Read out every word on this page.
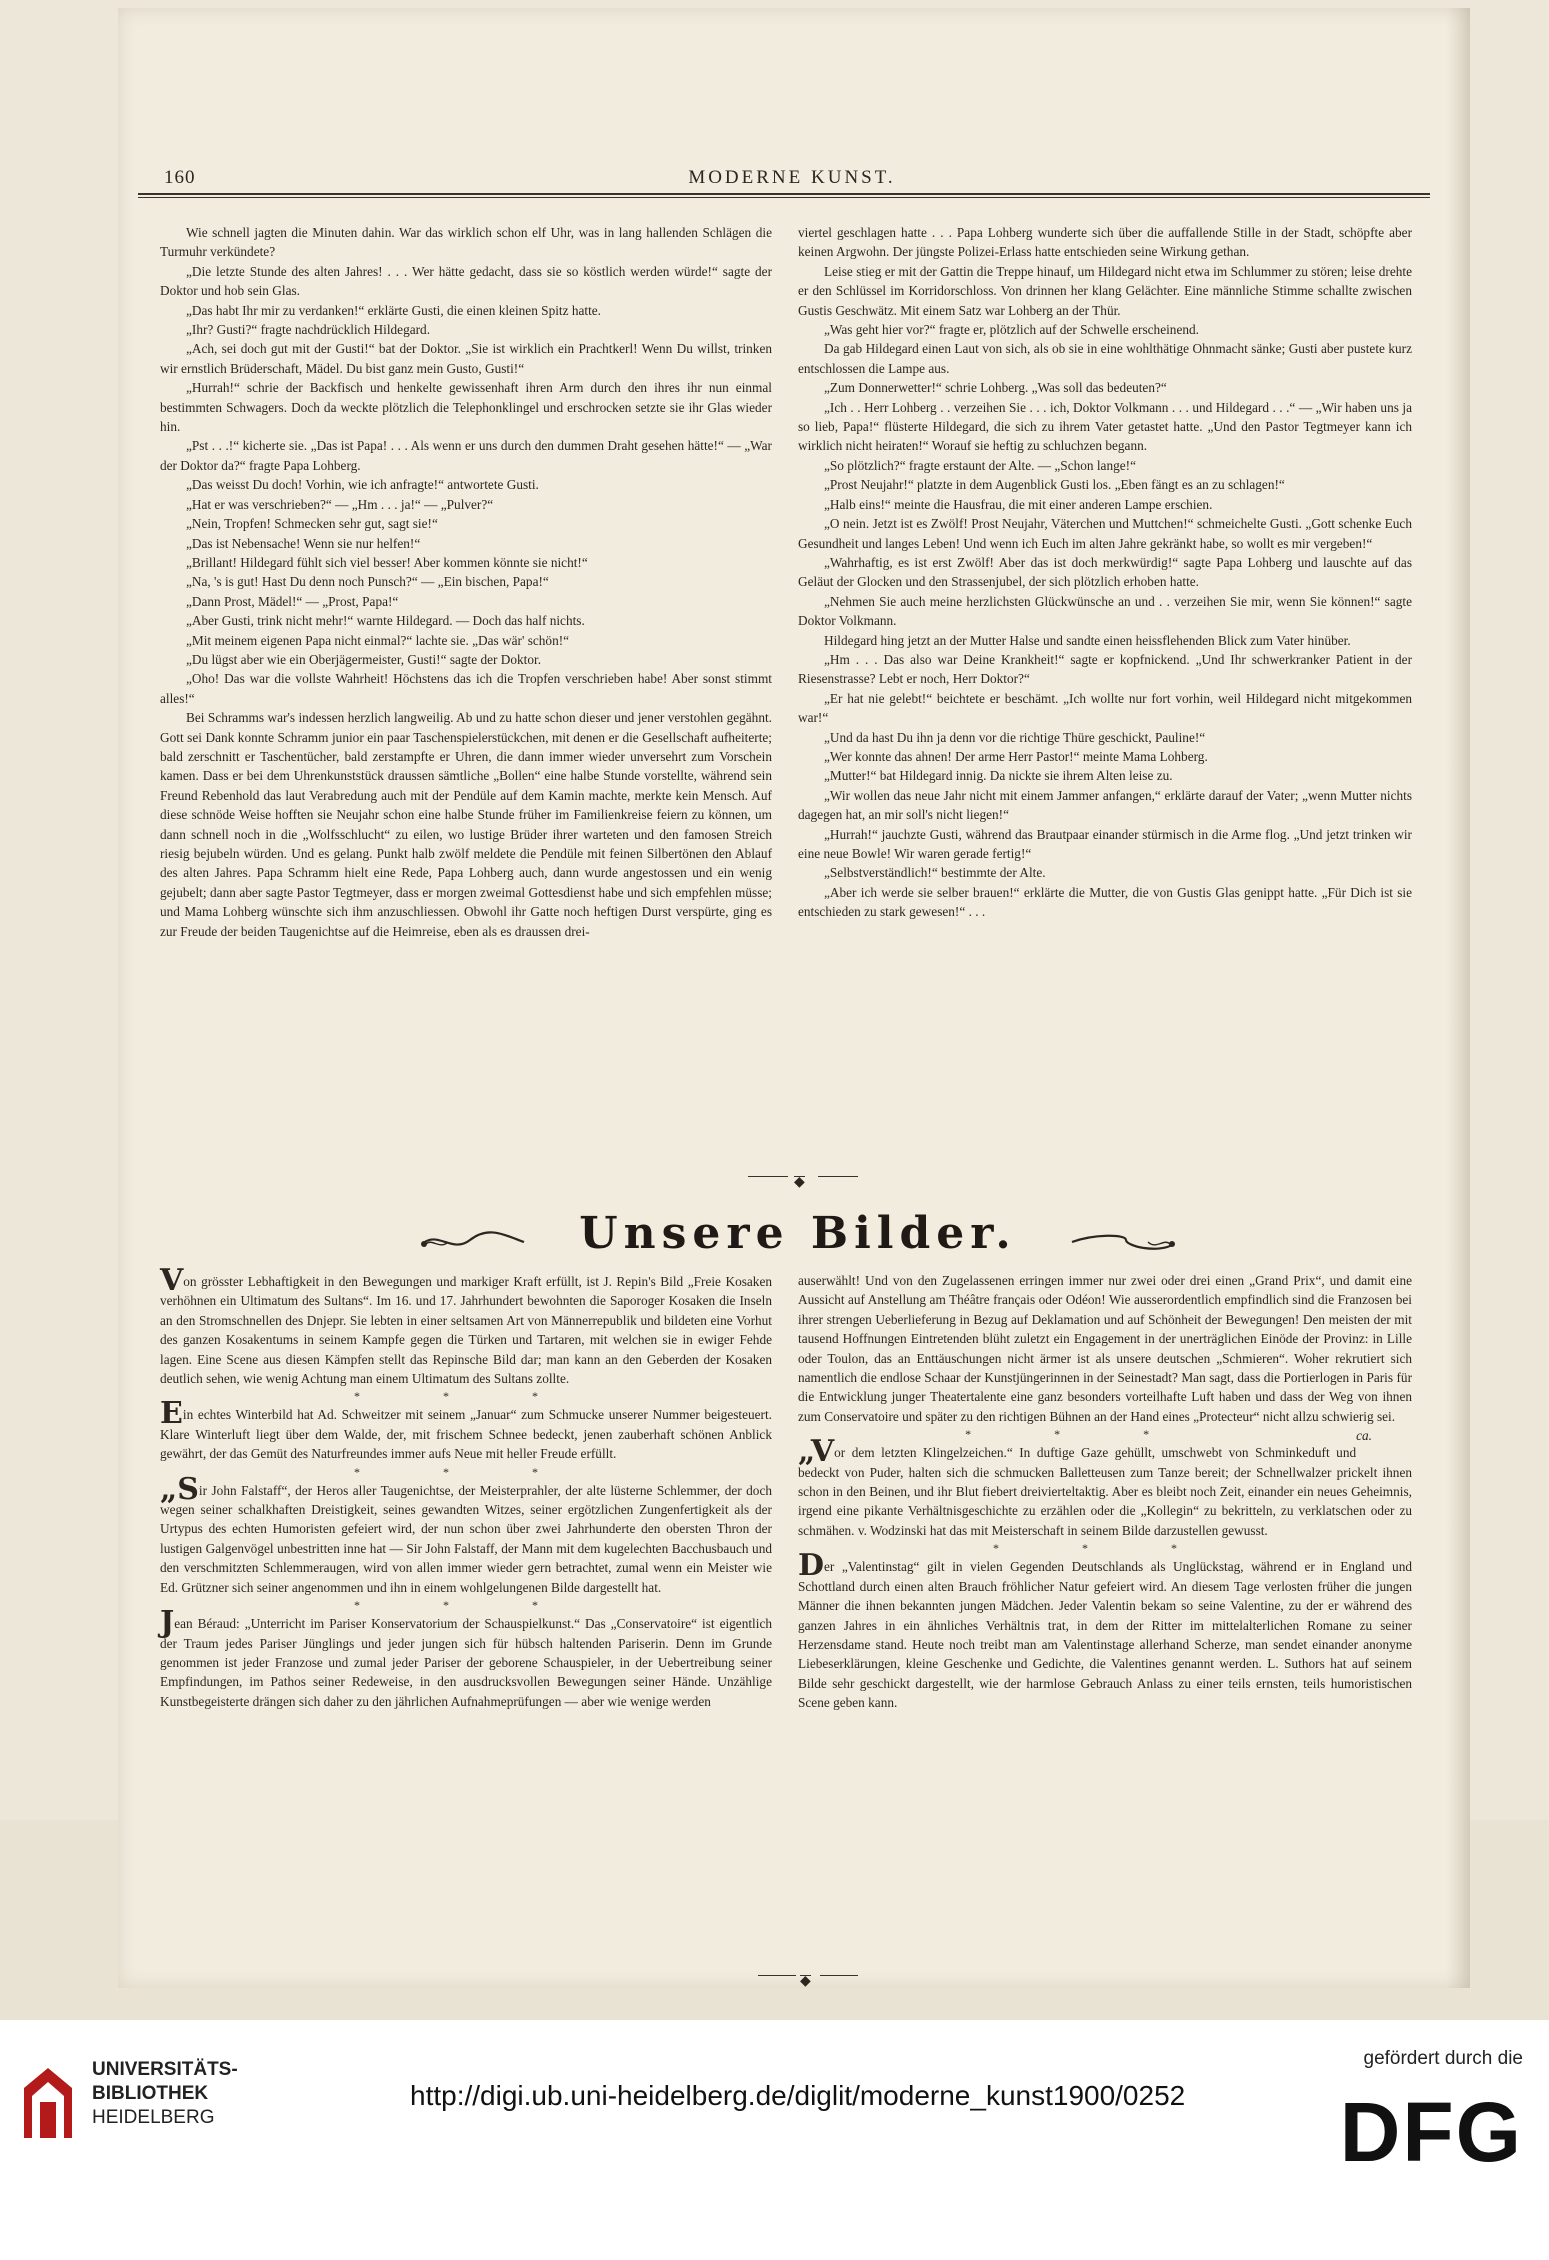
160	MODERNE KUNST.

Wie schnell jagten die Minuten dahin. War das wirklich schon elf Uhr, was in lang hallenden Schlägen die Turmuhr verkündete?

„Die letzte Stunde des alten Jahres! . . . Wer hätte gedacht, dass sie so köstlich werden würde!“ sagte der Doktor und hob sein Glas.

„Das habt Ihr mir zu verdanken!“ erklärte Gusti, die einen kleinen Spitz hatte.

„Ihr? Gusti?“ fragte nachdrücklich Hildegard.

„Ach, sei doch gut mit der Gusti!“ bat der Doktor. „Sie ist wirklich ein Prachtkerl! Wenn Du willst, trinken wir ernstlich Brüderschaft, Mädel. Du bist ganz mein Gusto, Gusti!“

„Hurrah!“ schrie der Backfisch und henkelte gewissenhaft ihren Arm durch den ihres ihr nun einmal bestimmten Schwagers. Doch da weckte plötzlich die Telephonklingel und erschrocken setzte sie ihr Glas wieder hin.

„Pst . . .!“ kicherte sie. „Das ist Papa! . . . Als wenn er uns durch den dummen Draht gesehen hätte!“ — „War der Doktor da?“ fragte Papa Lohberg.

„Das weisst Du doch! Vorhin, wie ich anfragte!“ antwortete Gusti.

„Hat er was verschrieben?“ — „Hm . . . ja!“ — „Pulver?“

„Nein, Tropfen! Schmecken sehr gut, sagt sie!“

„Das ist Nebensache! Wenn sie nur helfen!“

„Brillant! Hildegard fühlt sich viel besser! Aber kommen könnte sie nicht!“

„Na, 's is gut! Hast Du denn noch Punsch?“ — „Ein bischen, Papa!“

„Dann Prost, Mädel!“ — „Prost, Papa!“

„Aber Gusti, trink nicht mehr!“ warnte Hildegard. — Doch das half nichts.

„Mit meinem eigenen Papa nicht einmal?“ lachte sie. „Das wär' schön!“

„Du lügst aber wie ein Oberjägermeister, Gusti!“ sagte der Doktor.

„Oho! Das war die vollste Wahrheit! Höchstens das ich die Tropfen verschrieben habe! Aber sonst stimmt alles!“

Bei Schramms war's indessen herzlich langweilig. Ab und zu hatte schon dieser und jener verstohlen gegähnt. Gott sei Dank konnte Schramm junior ein paar Taschenspielerstückchen, mit denen er die Gesellschaft aufheiterte; bald zerschnitt er Taschentücher, bald zerstampfte er Uhren, die dann immer wieder unversehrt zum Vorschein kamen. Dass er bei dem Uhrenkunststück draussen sämtliche „Bollen“ eine halbe Stunde vorstellte, während sein Freund Rebenhold das laut Verabredung auch mit der Pendüle auf dem Kamin machte, merkte kein Mensch. Auf diese schnöde Weise hofften sie Neujahr schon eine halbe Stunde früher im Familienkreise feiern zu können, um dann schnell noch in die „Wolfsschlucht“ zu eilen, wo lustige Brüder ihrer warteten und den famosen Streich riesig bejubeln würden. Und es gelang. Punkt halb zwölf meldete die Pendüle mit feinen Silbertönen den Ablauf des alten Jahres. Papa Schramm hielt eine Rede, Papa Lohberg auch, dann wurde angestossen und ein wenig gejubelt; dann aber sagte Pastor Tegtmeyer, dass er morgen zweimal Gottesdienst habe und sich empfehlen müsse; und Mama Lohberg wünschte sich ihm anzuschliessen. Obwohl ihr Gatte noch heftigen Durst verspürte, ging es zur Freude der beiden Taugenichtse auf die Heimreise, eben als es draussen drei-

viertel geschlagen hatte . . . Papa Lohberg wunderte sich über die auffallende Stille in der Stadt, schöpfte aber keinen Argwohn. Der jüngste Polizei-Erlass hatte entschieden seine Wirkung gethan.

Leise stieg er mit der Gattin die Treppe hinauf, um Hildegard nicht etwa im Schlummer zu stören; leise drehte er den Schlüssel im Korridorschloss. Von drinnen her klang Gelächter. Eine männliche Stimme schallte zwischen Gustis Geschwätz. Mit einem Satz war Lohberg an der Thür.

„Was geht hier vor?“ fragte er, plötzlich auf der Schwelle erscheinend.

Da gab Hildegard einen Laut von sich, als ob sie in eine wohlthätige Ohnmacht sänke; Gusti aber pustete kurz entschlossen die Lampe aus.

„Zum Donnerwetter!“ schrie Lohberg. „Was soll das bedeuten?“

„Ich . . Herr Lohberg . . verzeihen Sie . . . ich, Doktor Volkmann . . . und Hildegard . . .“ — „Wir haben uns ja so lieb, Papa!“ flüsterte Hildegard, die sich zu ihrem Vater getastet hatte. „Und den Pastor Tegtmeyer kann ich wirklich nicht heiraten!“ Worauf sie heftig zu schluchzen begann.

„So plötzlich?“ fragte erstaunt der Alte. — „Schon lange!“

„Prost Neujahr!“ platzte in dem Augenblick Gusti los. „Eben fängt es an zu schlagen!“

„Halb eins!“ meinte die Hausfrau, die mit einer anderen Lampe erschien.

„O nein. Jetzt ist es Zwölf! Prost Neujahr, Väterchen und Muttchen!“ schmeichelte Gusti. „Gott schenke Euch Gesundheit und langes Leben! Und wenn ich Euch im alten Jahre gekränkt habe, so wollt es mir vergeben!“

„Wahrhaftig, es ist erst Zwölf! Aber das ist doch merkwürdig!“ sagte Papa Lohberg und lauschte auf das Geläut der Glocken und den Strassenjubel, der sich plötzlich erhoben hatte.

„Nehmen Sie auch meine herzlichsten Glückwünsche an und . . verzeihen Sie mir, wenn Sie können!“ sagte Doktor Volkmann.

Hildegard hing jetzt an der Mutter Halse und sandte einen heissflehenden Blick zum Vater hinüber.

„Hm . . . Das also war Deine Krankheit!“ sagte er kopfnickend. „Und Ihr schwerkranker Patient in der Riesenstrasse? Lebt er noch, Herr Doktor?“

„Er hat nie gelebt!“ beichtete er beschämt. „Ich wollte nur fort vorhin, weil Hildegard nicht mitgekommen war!“

„Und da hast Du ihn ja denn vor die richtige Thüre geschickt, Pauline!“

„Wer konnte das ahnen! Der arme Herr Pastor!“ meinte Mama Lohberg.

„Mutter!“ bat Hildegard innig. Da nickte sie ihrem Alten leise zu.

„Wir wollen das neue Jahr nicht mit einem Jammer anfangen,“ erklärte darauf der Vater; „wenn Mutter nichts dagegen hat, an mir soll's nicht liegen!“

„Hurrah!“ jauchzte Gusti, während das Brautpaar einander stürmisch in die Arme flog. „Und jetzt trinken wir eine neue Bowle! Wir waren gerade fertig!“

„Selbstverständlich!“ bestimmte der Alte.

„Aber ich werde sie selber brauen!“ erklärte die Mutter, die von Gustis Glas genippt hatte. „Für Dich ist sie entschieden zu stark gewesen!“ . . .

◆
Unsere Bilder.

Von grösster Lebhaftigkeit in den Bewegungen und markiger Kraft erfüllt, ist J. Repin's Bild „Freie Kosaken verhöhnen ein Ultimatum des Sultans“. Im 16. und 17. Jahrhundert bewohnten die Saporoger Kosaken die Inseln an den Stromschnellen des Dnjepr. Sie lebten in einer seltsamen Art von Männerrepublik und bildeten eine Vorhut des ganzen Kosakentums in seinem Kampfe gegen die Türken und Tartaren, mit welchen sie in ewiger Fehde lagen. Eine Scene aus diesen Kämpfen stellt das Repinsche Bild dar; man kann an den Geberden der Kosaken deutlich sehen, wie wenig Achtung man einem Ultimatum des Sultans zollte.

* * *

Ein echtes Winterbild hat Ad. Schweitzer mit seinem „Januar“ zum Schmucke unserer Nummer beigesteuert. Klare Winterluft liegt über dem Walde, der, mit frischem Schnee bedeckt, jenen zauberhaft schönen Anblick gewährt, der das Gemüt des Naturfreundes immer aufs Neue mit heller Freude erfüllt.

* * *

„Sir John Falstaff“, der Heros aller Taugenichtse, der Meisterprahler, der alte lüsterne Schlemmer, der doch wegen seiner schalkhaften Dreistigkeit, seines gewandten Witzes, seiner ergötzlichen Zungenfertigkeit als der Urtypus des echten Humoristen gefeiert wird, der nun schon über zwei Jahrhunderte den obersten Thron der lustigen Galgenvögel unbestritten inne hat — Sir John Falstaff, der Mann mit dem kugelechten Bacchusbauch und den verschmitzten Schlemmeraugen, wird von allen immer wieder gern betrachtet, zumal wenn ein Meister wie Ed. Grützner sich seiner angenommen und ihn in einem wohlgelungenen Bilde dargestellt hat.

* * *

Jean Béraud: „Unterricht im Pariser Konservatorium der Schauspielkunst.“ Das „Conservatoire“ ist eigentlich der Traum jedes Pariser Jünglings und jeder jungen sich für hübsch haltenden Pariserin. Denn im Grunde genommen ist jeder Franzose und zumal jeder Pariser der geborene Schauspieler, in der Uebertreibung seiner Empfindungen, im Pathos seiner Redeweise, in den ausdrucksvollen Bewegungen seiner Hände. Unzählige Kunstbegeisterte drängen sich daher zu den jährlichen Aufnahmeprüfungen — aber wie wenige werden

auserwählt! Und von den Zugelassenen erringen immer nur zwei oder drei einen „Grand Prix“, und damit eine Aussicht auf Anstellung am Théâtre français oder Odéon! Wie ausserordentlich empfindlich sind die Franzosen bei ihrer strengen Ueberlieferung in Bezug auf Deklamation und auf Schönheit der Bewegungen! Den meisten der mit tausend Hoffnungen Eintretenden blüht zuletzt ein Engagement in der unerträglichen Einöde der Provinz: in Lille oder Toulon, das an Enttäuschungen nicht ärmer ist als unsere deutschen „Schmieren“. Woher rekrutiert sich namentlich die endlose Schaar der Kunstjüngerinnen in der Seinestadt? Man sagt, dass die Portierlogen in Paris für die Entwicklung junger Theatertalente eine ganz besonders vorteilhafte Luft haben und dass der Weg von ihnen zum Conservatoire und später zu den richtigen Bühnen an der Hand eines „Protecteur“ nicht allzu schwierig sei.
ca.

* * *

„Vor dem letzten Klingelzeichen.“ In duftige Gaze gehüllt, umschwebt von Schminkeduft und bedeckt von Puder, halten sich die schmucken Balletteusen zum Tanze bereit; der Schnellwalzer prickelt ihnen schon in den Beinen, und ihr Blut fiebert dreivierteltaktig. Aber es bleibt noch Zeit, einander ein neues Geheimnis, irgend eine pikante Verhältnisgeschichte zu erzählen oder die „Kollegin“ zu bekritteln, zu verklatschen oder zu schmähen. v. Wodzinski hat das mit Meisterschaft in seinem Bilde darzustellen gewusst.

* * *

Der „Valentinstag“ gilt in vielen Gegenden Deutschlands als Unglückstag, während er in England und Schottland durch einen alten Brauch fröhlicher Natur gefeiert wird. An diesem Tage verlosten früher die jungen Männer die ihnen bekannten jungen Mädchen. Jeder Valentin bekam so seine Valentine, zu der er während des ganzen Jahres in ein ähnliches Verhältnis trat, in dem der Ritter im mittelalterlichen Romane zu seiner Herzensdame stand. Heute noch treibt man am Valentinstage allerhand Scherze, man sendet einander anonyme Liebeserklärungen, kleine Geschenke und Gedichte, die Valentines genannt werden. L. Suthors hat auf seinem Bilde sehr geschickt dargestellt, wie der harmlose Gebrauch Anlass zu einer teils ernsten, teils humoristischen Scene geben kann.

◆
UNIVERSITÄTS-
BIBLIOTHEK
HEIDELBERG
http://digi.ub.uni-heidelberg.de/diglit/moderne_kunst1900/0252
gefördert durch die
DFG
